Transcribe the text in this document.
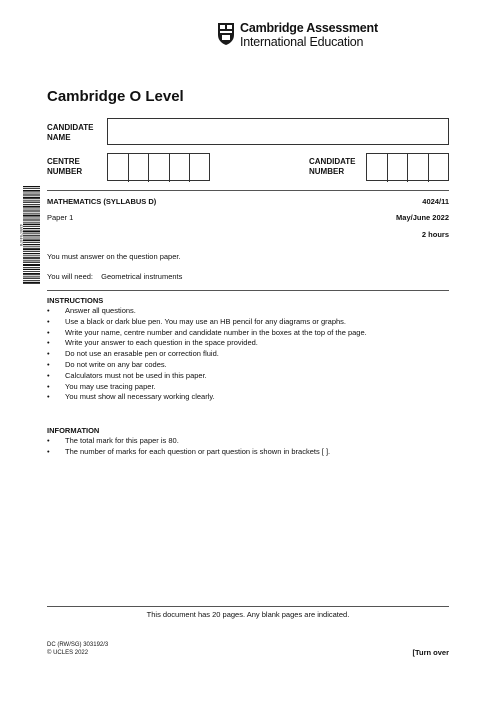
Cambridge Assessment
International Education
Cambridge O Level
CANDIDATE
NAME
CENTRE
NUMBER
CANDIDATE
NUMBER
4385794678
MATHEMATICS (SYLLABUS D)	4024/11
Paper 1	May/June 2022
2 hours
You must answer on the question paper.
You will need: Geometrical instruments
INSTRUCTIONS
• Answer all questions.
• Use a black or dark blue pen. You may use an HB pencil for any diagrams or graphs.
• Write your name, centre number and candidate number in the boxes at the top of the page.
• Write your answer to each question in the space provided.
• Do not use an erasable pen or correction fluid.
• Do not write on any bar codes.
• Calculators must not be used in this paper.
• You may use tracing paper.
• You must show all necessary working clearly.
INFORMATION
• The total mark for this paper is 80.
• The number of marks for each question or part question is shown in brackets [ ].
This document has 20 pages. Any blank pages are indicated.
DC (RW/SG) 303192/3
© UCLES 2022	[Turn over
